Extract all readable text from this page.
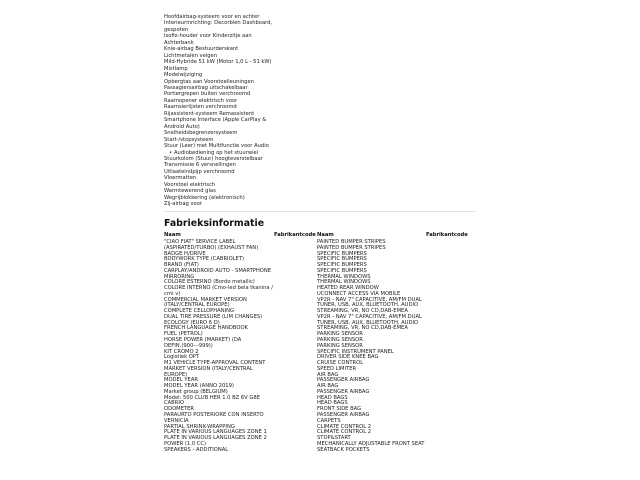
Hoofdairbag-systeem voor en achter
Interieurinrichting: Decorblen Dashboard,
gespoten
Isofix-houder voor Kinderzitje aan
Achterbank
Knie-airbag Bestuurderskant
Lichtmetalen velgen
Mild-Hybride 51 kW (Motor 1,0 L - 51 kW)
Mistlamp
Modelwijziging
Opbergtas aan Voorstoelleuningen
Passagiersairbag uitschakelbaar
Portiergrepen buiten verchroomd
Raamopener elektrisch voor
Raamsierlijsten verchroomd
Rijassistent-systeem Remassistent
Smartphone Interface (Apple CarPlay &
Android Auto)
Snelheidsbegrenzersysteem
Start-/stopsysteem
Stuur (Leer) met Multifunctie voor Audio
• Audiobediening op het stuurwiel
Stuurkolom (Stuur) hoogteverstelbaar
Transmissie 6 versnellingen
Uitlaateindpijp verchroomd
Vloermatten
Voorstoel elektrisch
Warmtewerend glas
Wegrijblokkering (elektronisch)
Zij-airbag voor
Fabrieksinformatie
Naam	Fabrikantcode
"CIAO FIAT" SERVICE LABEL
(ASPIRATED/TURBO) (EXHAUST FAN)
BADGE H/DRIVE
BODYWORK TYPE (CABRIOLET)
BRAND (FIAT)
CARPLAY/ANDROID AUTO - SMARTPHONE
MIRRORING
COLORE ESTERNO (Bordo metallic)
COLORE INTERNO (Cmo-led bela tkanina / crni v)
COMMERCIAL MARKET VERSION
(ITALY/CENTRAL EUROPE)
COMPLETE CELLOPHANING
DUAL TIRE PRESSURE (LIM CHANGES)
ECOLOGY (EURO 6 D)
FRENCH LANGUAGE HANDBOOK
FUEL (PETROL)
HORSE POWER (MARKET) (DA
DEFIN.(900---999))
KIT CROMO 2
Logistiek OPT
M1 VEHICLE TYPE-APPROVAL CONTENT
MARKET VERSION (ITALY/CENTRAL
EUROPE)
MODEL YEAR
MODEL YEAR (ANNO 2019)
Market group (BELGIUM)
Model: 500 CLUB HER 1.0 BZ 6V G8E
CABRIO
ODOMETER
PARAURTO POSTERIORE CON INSERTO
VERNICIA
PARTIAL SHRINK-WRAPPING
PLATE IN VARIOUS LANGUAGES ZONE 1
PLATE IN VARIOUS LANGUAGES ZONE 2
POWER (1.0 CC)
SPEAKERS - ADDITIONAL
Naam	Fabrikantcode
PAINTED BUMPER STRIPES
PAINTED BUMPER STRIPES
SPECIFIC BUMPERS
SPECIFIC BUMPERS
SPECIFIC BUMPERS
SPECIFIC BUMPERS
THERMAL WINDOWS
THERMAL WINDOWS
HEATED REAR WINDOW
UCONNECT ACCESS VIA MOBILE
VP2R - NAV 7" CAPACITIVE, AM/FM DUAL
TUNER, USB, AUX, BLUETOOTH, AUDIO
STREAMING, VR, NO CD,DAB-EMEA
VP2R - NAV 7" CAPACITIVE, AM/FM DUAL
TUNER, USB, AUX, BLUETOOTH, AUDIO
STREAMING, VR, NO CD,DAB-EMEA
PARKING SENSOR
PARKING SENSOR
PARKING SENSOR
SPECIFIC INSTRUMENT PANEL
DRIVER SIDE KNEE BAG
CRUISE CONTROL
SPEED LIMITER
AIR BAG
PASSENGER AIRBAG
AIR BAG
PASSENGER AIRBAG
HEAD BAGS
HEAD BAGS
FRONT SIDE BAG
PASSENGER AIRBAG
CARPETS
CLIMATE CONTROL 2
CLIMATE CONTROL 2
STOP&START
MECHANICALLY ADJUSTABLE FRONT SEAT
SEATBACK POCKETS
